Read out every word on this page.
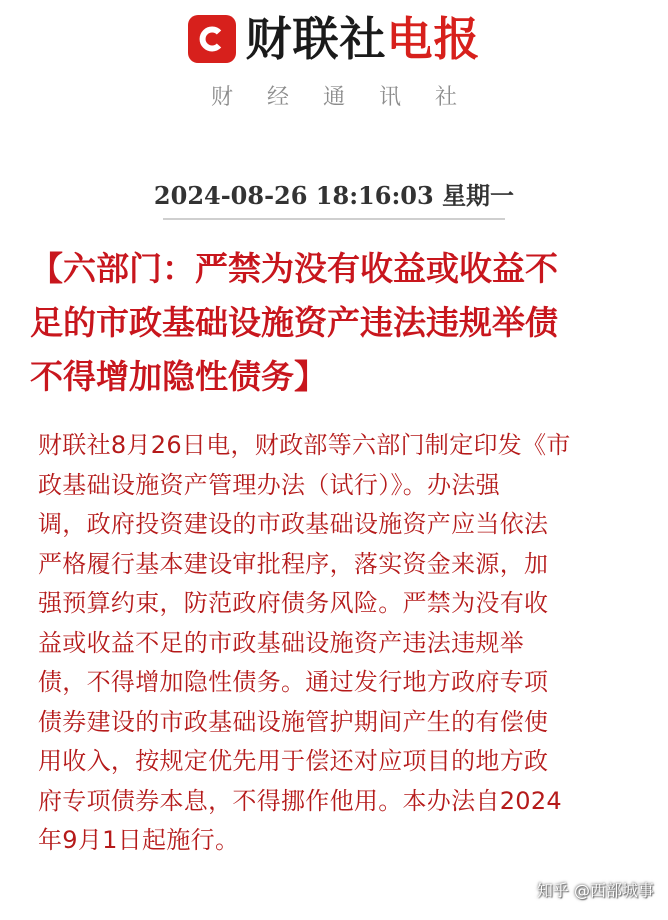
财联社电报
财经通讯社
2024-08-26 18:16:03 星期一
【六部门：严禁为没有收益或收益不
足的市政基础设施资产违法违规举债
不得增加隐性债务】
财联社8月26日电，财政部等六部门制定印发《市
政基础设施资产管理办法（试行）》。办法强
调，政府投资建设的市政基础设施资产应当依法
严格履行基本建设审批程序，落实资金来源，加
强预算约束，防范政府债务风险。严禁为没有收
益或收益不足的市政基础设施资产违法违规举
债，不得增加隐性债务。通过发行地方政府专项
债券建设的市政基础设施管护期间产生的有偿使
用收入，按规定优先用于偿还对应项目的地方政
府专项债券本息，不得挪作他用。本办法自2024
年9月1日起施行。
知乎 @西部城事
